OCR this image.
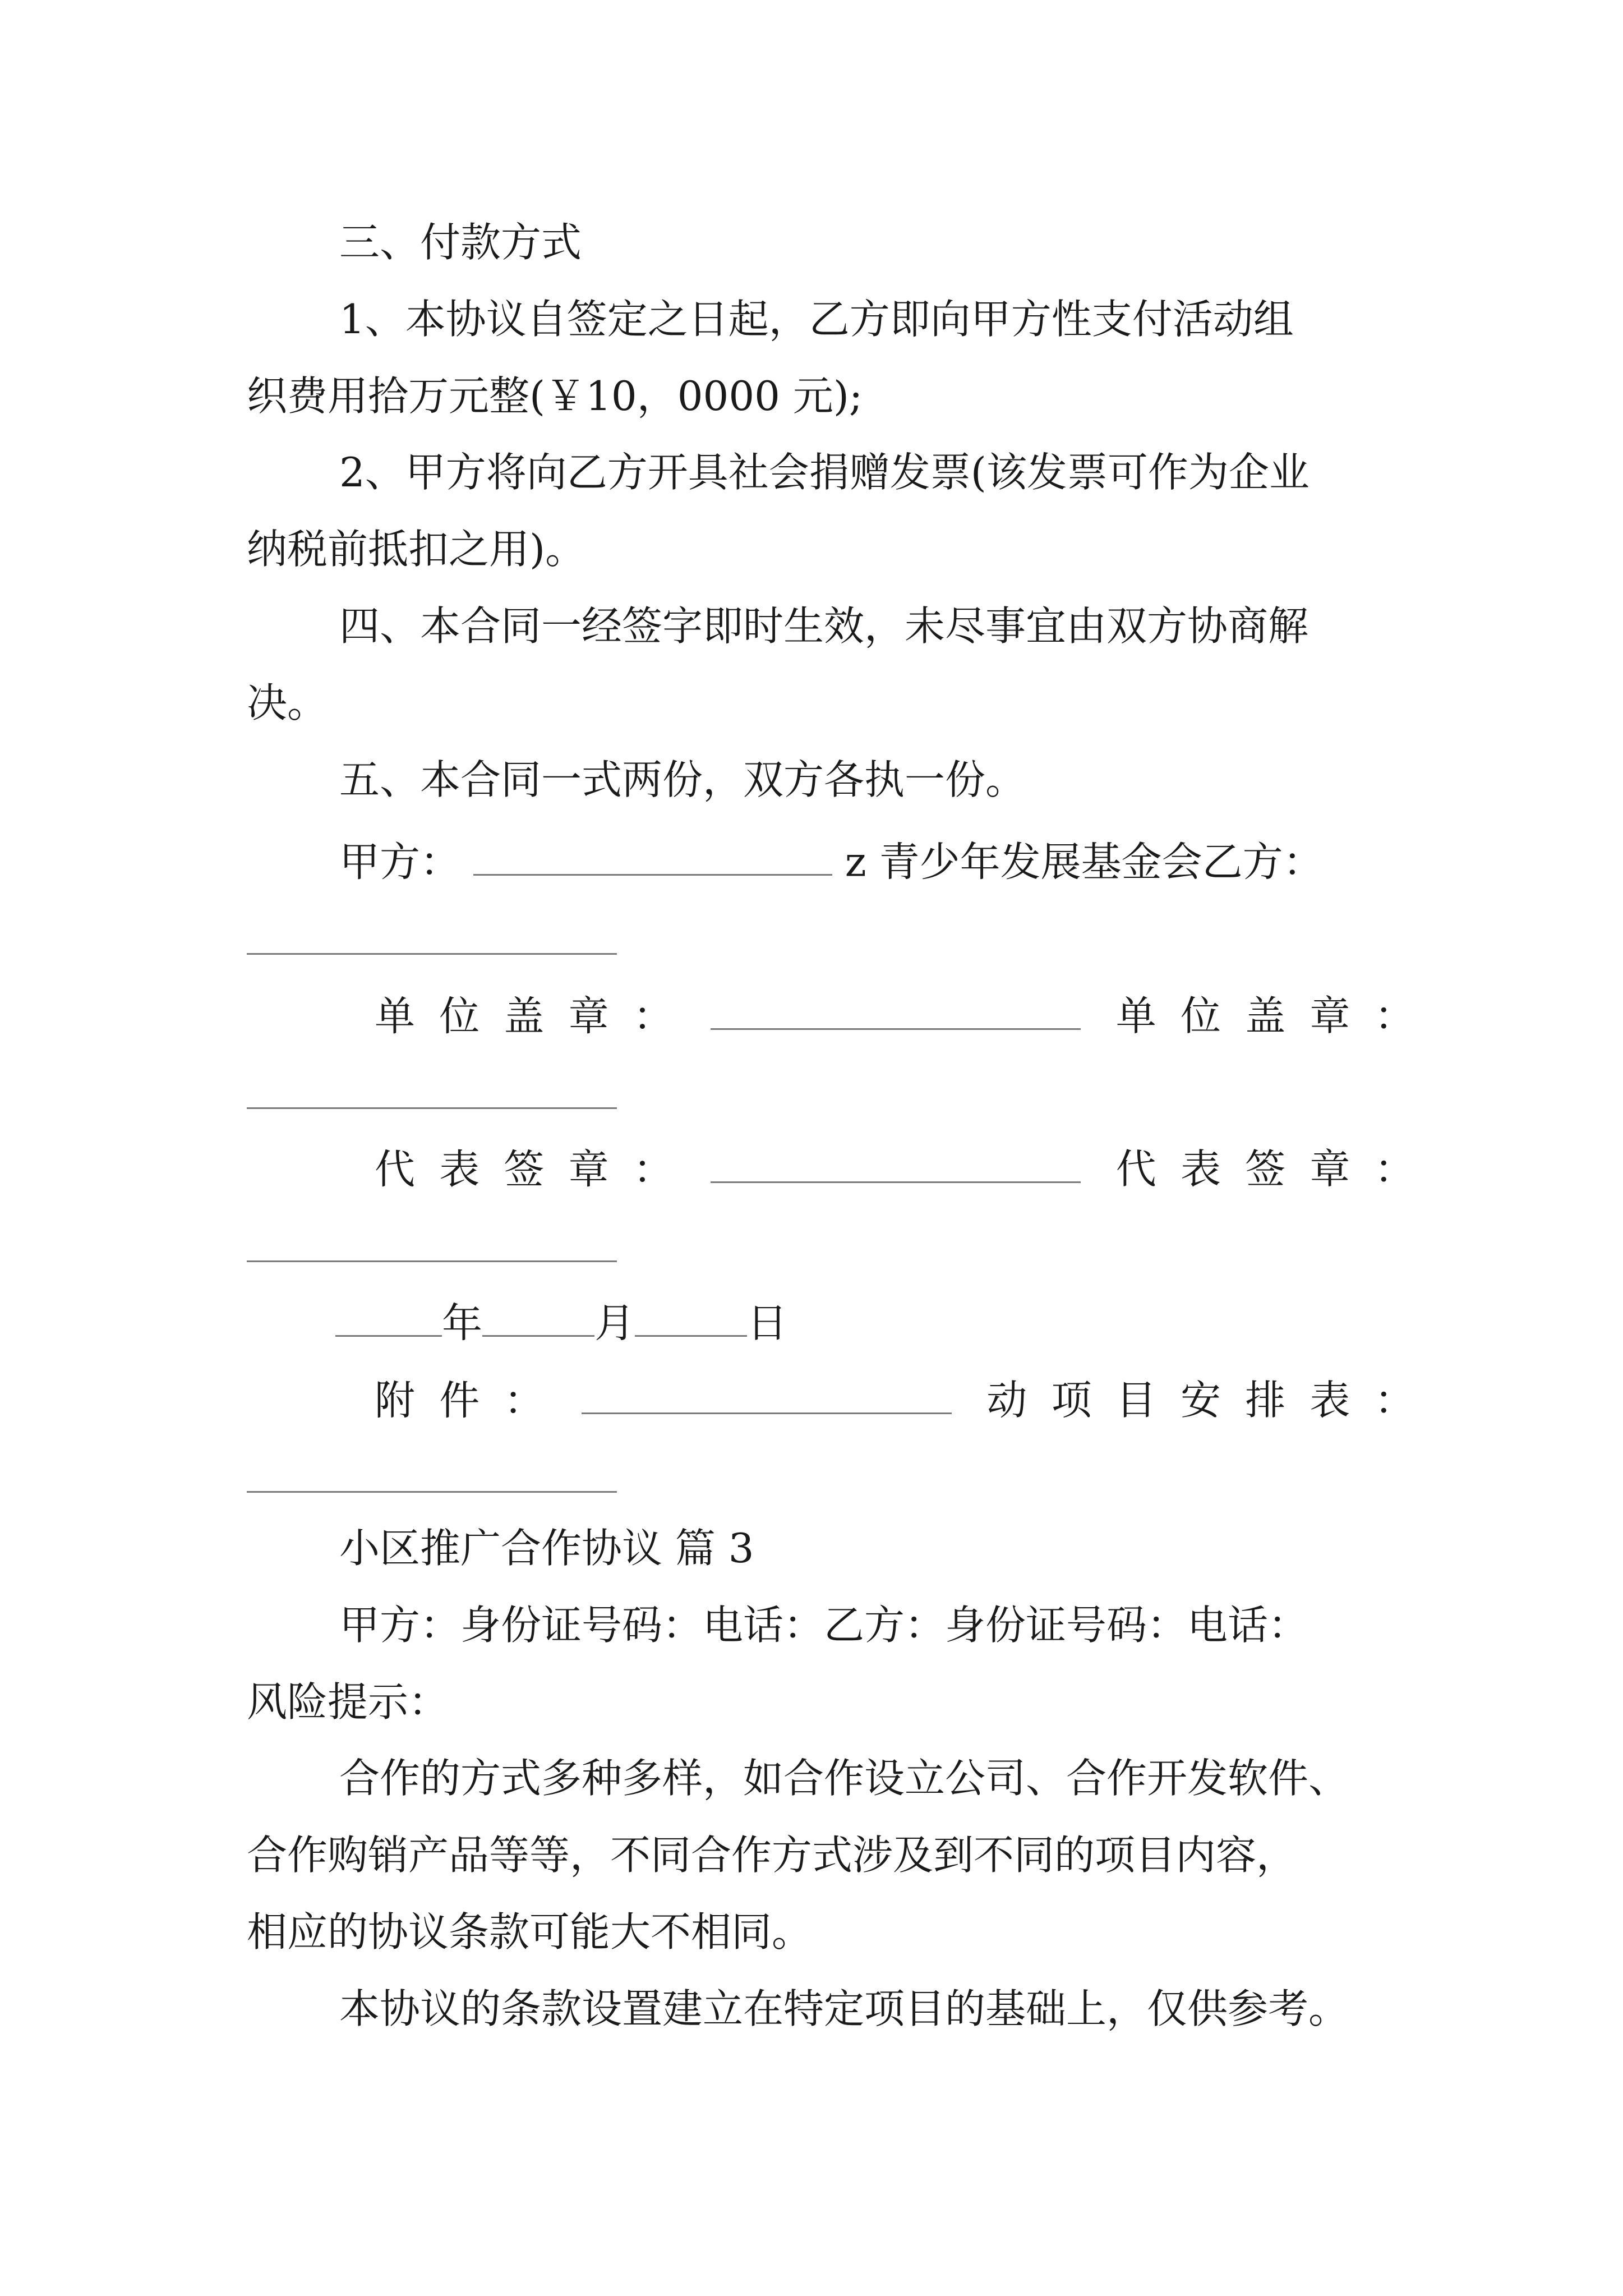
三、付款方式
1、本协议自签定之日起，乙方即向甲方性支付活动组
织费用拾万元整(￥10，0000 元);
2、甲方将向乙方开具社会捐赠发票(该发票可作为企业
纳税前抵扣之用)。
四、本合同一经签字即时生效，未尽事宜由双方协商解
决。
五、本合同一式两份，双方各执一份。
甲方：	z 青少年发展基金会乙方：
单位盖章：	单位盖章：
代表签章：	代表签章：
年	月	日
附件：	动项目安排表：
小区推广合作协议 篇 3
甲方：身份证号码：电话：乙方：身份证号码：电话：
风险提示：
合作的方式多种多样，如合作设立公司、合作开发软件、
合作购销产品等等，不同合作方式涉及到不同的项目内容，
相应的协议条款可能大不相同。
本协议的条款设置建立在特定项目的基础上，仅供参考。
